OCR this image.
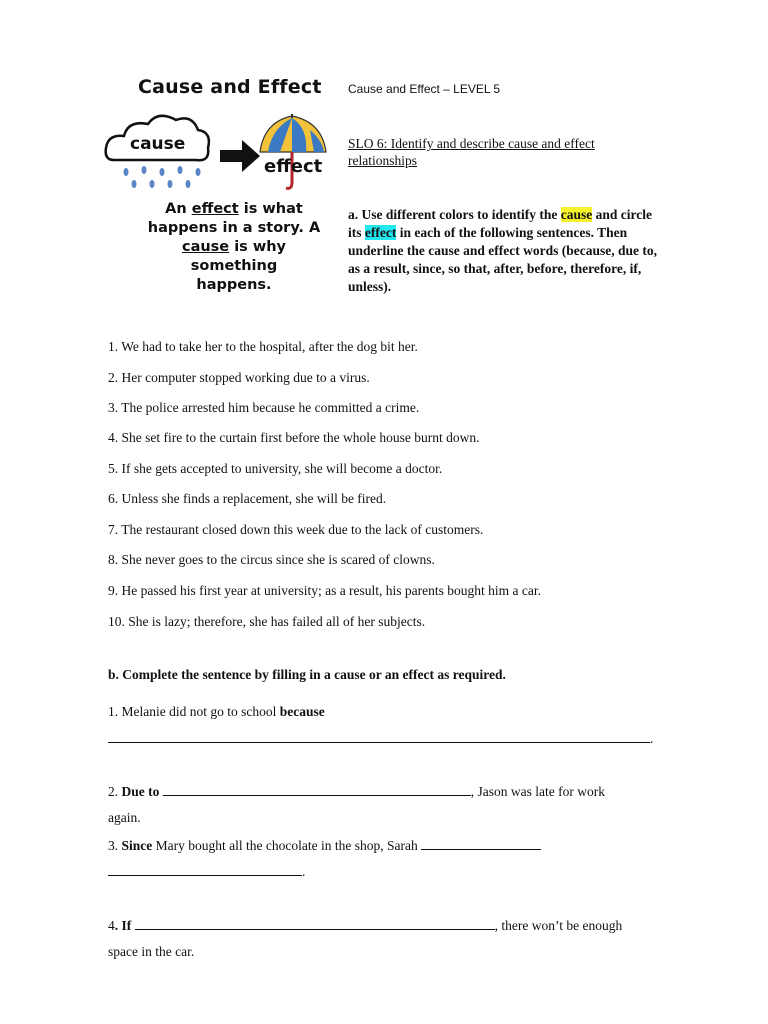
Cause and Effect
cause
effect
An effect is what
happens in a story. A
cause is why something
happens.
Cause and Effect – LEVEL 5
SLO 6: Identify and describe cause and effect relationships
a. Use different colors to identify the cause and circle its effect in each of the following sentences. Then underline the cause and effect words (because, due to, as a result, since, so that, after, before, therefore, if, unless).
1. We had to take her to the hospital, after the dog bit her.
2. Her computer stopped working due to a virus.
3. The police arrested him because he committed a crime.
4. She set fire to the curtain first before the whole house burnt down.
5. If she gets accepted to university, she will become a doctor.
6. Unless she finds a replacement, she will be fired.
7. The restaurant closed down this week due to the lack of customers.
8. She never goes to the circus since she is scared of clowns.
9. He passed his first year at university; as a result, his parents bought him a car.
10. She is lazy; therefore, she has failed all of her subjects.
b. Complete the sentence by filling in a cause or an effect as required.
1. Melanie did not go to school because
.
2. Due to	, Jason was late for work
again.
3. Since Mary bought all the chocolate in the shop, Sarah
.
4. If	, there won’t be enough
space in the car.
